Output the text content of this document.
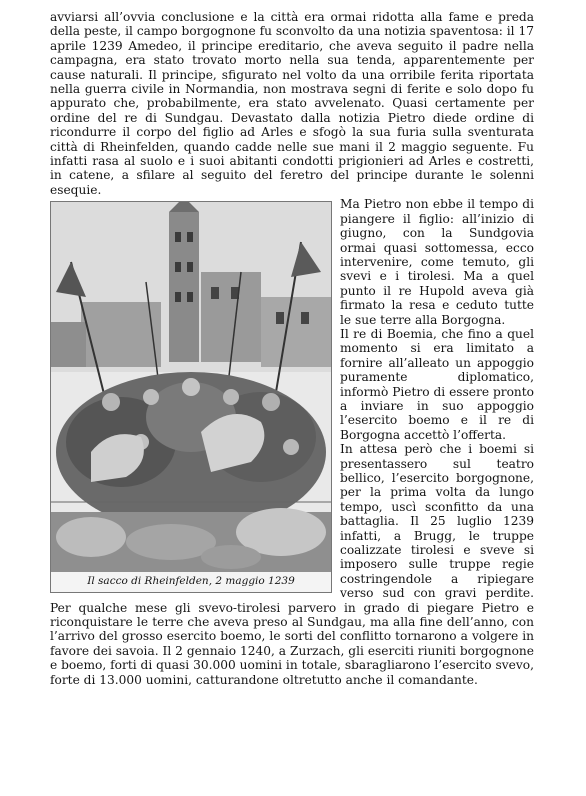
avviarsi all’ovvia conclusione e la città era ormai ridotta alla fame e preda della peste, il campo borgognone fu sconvolto da una notizia spaventosa: il 17 aprile 1239 Amedeo, il principe ereditario, che aveva seguito il padre nella campagna, era stato trovato morto nella sua tenda, apparentemente per cause naturali. Il principe, sfigurato nel volto da una orribile ferita riportata nella guerra civile in Normandia, non mostrava segni di ferite e solo dopo fu appurato che, probabilmente, era stato avvelenato. Quasi certamente per ordine del re di Sundgau. Devastato dalla notizia Pietro diede ordine di ricondurre il corpo del figlio ad Arles e sfogò la sua furia sulla sventurata città di Rheinfelden, quando cadde nelle sue mani il 2 maggio seguente. Fu infatti rasa al suolo e i suoi abitanti condotti prigionieri ad Arles e costretti, in catene, a sfilare al seguito del feretro del principe durante le solenni esequie.

Il sacco di Rheinfelden, 2 maggio 1239

Ma Pietro non ebbe il tempo di piangere il figlio: all’inizio di giugno, con la Sundgovia ormai quasi sottomessa, ecco intervenire, come temuto, gli svevi e i tirolesi. Ma a quel punto il re Hupold aveva già firmato la resa e ceduto tutte le sue terre alla Borgogna.

Il re di Boemia, che fino a quel momento si era limitato a fornire all’alleato un appoggio puramente diplomatico, informò Pietro di essere pronto a inviare in suo appoggio l’esercito boemo e il re di Borgogna accettò l’offerta.

In attesa però che i boemi si presentassero sul teatro bellico, l’esercito borgognone, per la prima volta da lungo tempo, uscì sconfitto da una battaglia. Il 25 luglio 1239 infatti, a Brugg, le truppe coalizzate tirolesi e sveve si imposero sulle truppe regie costringendole a ripiegare verso sud con gravi perdite. Per qualche mese gli svevo-tirolesi parvero in grado di piegare Pietro e riconquistare le terre che aveva preso al Sundgau, ma alla fine dell’anno, con l’arrivo del grosso esercito boemo, le sorti del conflitto tornarono a volgere in favore dei savoia. Il 2 gennaio 1240, a Zurzach, gli eserciti riuniti borgognone e boemo, forti di quasi 30.000 uomini in totale, sbaragliarono l’esercito svevo, forte di 13.000 uomini, catturandone oltretutto anche il comandante.
